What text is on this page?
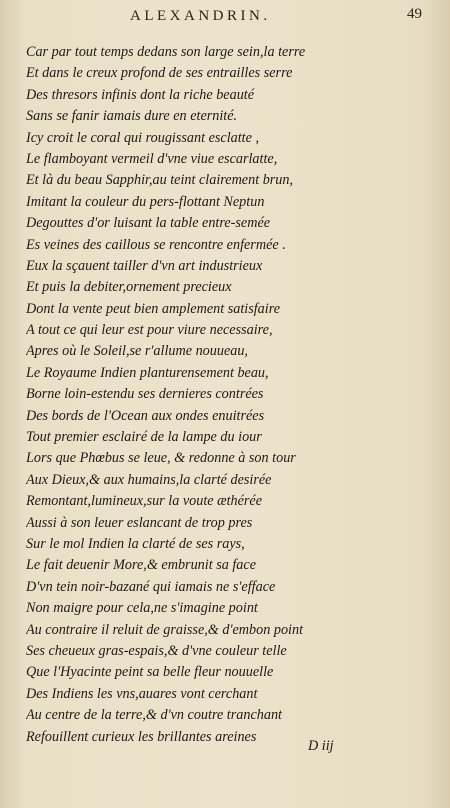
ALEXANDRIN.	49
Car par tout temps dedans son large sein,la terre
Et dans le creux profond de ses entrailles serre
Des thresors infinis dont la riche beauté
Sans se fanir iamais dure en eternité.
Icy croit le coral qui rougissant esclatte ,
Le flamboyant vermeil d'vne viue escarlatte,
Et là du beau Sapphir,au teint clairement brun,
Imitant la couleur du pers-flottant Neptun
Degouttes d'or luisant la table entre-semée
Es veines des caillous se rencontre enfermée .
Eux la sçauent tailler d'vn art industrieux
Et puis la debiter,ornement precieux
Dont la vente peut bien amplement satisfaire
A tout ce qui leur est pour viure necessaire,
Apres où le Soleil,se r'allume nouueau,
Le Royaume Indien planturensement beau,
Borne loin-estendu ses dernieres contrées
Des bords de l'Ocean aux ondes enuitrées
Tout premier esclairé de la lampe du iour
Lors que Phœbus se leue, & redonne à son tour
Aux Dieux,& aux humains,la clarté desirée
Remontant,lumineux,sur la voute æthérée
Aussi à son leuer eslancant de trop pres
Sur le mol Indien la clarté de ses rays,
Le fait deuenir More,& embrunit sa face
D'vn tein noir-bazané qui iamais ne s'efface
Non maigre pour cela,ne s'imagine point
Au contraire il reluit de graisse,& d'embon point
Ses cheueux gras-espais,& d'vne couleur telle
Que l'Hyacinte peint sa belle fleur nouuelle
Des Indiens les vns,auares vont cerchant
Au centre de la terre,& d'vn coutre tranchant
Refouillent curieux les brillantes areines
D iij
